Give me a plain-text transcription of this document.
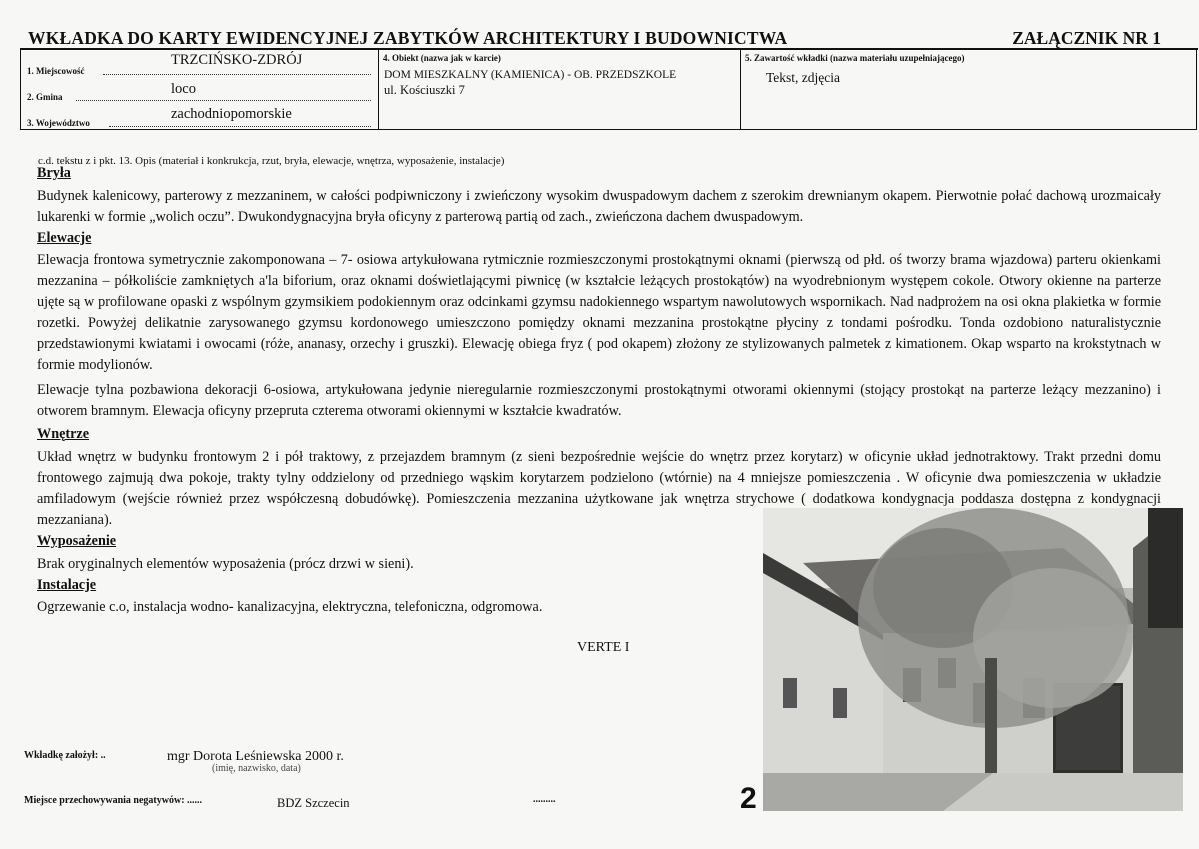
WKŁADKA DO KARTY EWIDENCYJNEJ ZABYTKÓW ARCHITEKTURY I BUDOWNICTWA	ZAŁĄCZNIK NR 1
1. Miejscowość
TRZCIŃSKO-ZDRÓJ
2. Gmina	loco
3. Województwo
zachodniopomorskie
4. Obiekt (nazwa jak w karcie)
DOM MIESZKALNY (KAMIENICA) - OB. PRZEDSZKOLE
ul. Kościuszki 7
5. Zawartość wkładki (nazwa materiału uzupełniającego)
Tekst, zdjęcia
c.d. tekstu z i pkt. 13. Opis (materiał i konkrukcja, rzut, bryła, elewacje, wnętrza, wyposażenie, instalacje)
Bryła
Budynek kalenicowy, parterowy z mezzaninem, w całości podpiwniczony i zwieńczony wysokim dwuspadowym dachem z szerokim drewnianym okapem. Pierwotnie połać dachową urozmaicały lukarenki w formie „wolich oczu”. Dwukondygnacyjna bryła oficyny z parterową partią od zach., zwieńczona dachem dwuspadowym.
Elewacje
Elewacja frontowa symetrycznie zakomponowana – 7- osiowa artykułowana rytmicznie rozmieszczonymi prostokątnymi oknami (pierwszą od płd. oś tworzy brama wjazdowa) parteru okienkami mezzanina – półkoliście zamkniętych a'la biforium, oraz oknami doświetlającymi piwnicę (w kształcie leżących prostokątów) na wyodrebnionym występem cokole. Otwory okienne na parterze ujęte są w profilowane opaski z wspólnym gzymsikiem podokiennym oraz odcinkami gzymsu nadokiennego wspartym nawolutowych wspornikach. Nad nadprożem na osi okna plakietka w formie rozetki. Powyżej delikatnie zarysowanego gzymsu kordonowego umieszczono pomiędzy oknami mezzanina prostokątne płyciny z tondami pośrodku. Tonda ozdobiono naturalistycznie przedstawionymi kwiatami i owocami (róże, ananasy, orzechy i gruszki). Elewację obiega fryz ( pod okapem) złożony ze stylizowanych palmetek z kimationem. Okap wsparto na krokstytnach w formie modylionów.
Elewacje tylna pozbawiona dekoracji 6-osiowa, artykułowana jedynie nieregularnie rozmieszczonymi prostokątnymi otworami okiennymi (stojący prostokąt na parterze leżący mezzanino) i otworem bramnym. Elewacja oficyny przepruta czterema otworami okiennymi w kształcie kwadratów.
Wnętrze
Układ wnętrz w budynku frontowym 2 i pół traktowy, z przejazdem bramnym (z sieni bezpośrednie wejście do wnętrz przez korytarz) w oficynie układ jednotraktowy. Trakt przedni domu frontowego zajmują dwa pokoje, trakty tylny oddzielony od przedniego wąskim korytarzem podzielono (wtórnie) na 4 mniejsze pomieszczenia . W oficynie dwa pomieszczenia w układzie amfiladowym (wejście również przez współczesną dobudówkę). Pomieszczenia mezzanina użytkowane jak wnętrza strychowe ( dodatkowa kondygnacja poddasza dostępna z kondygnacji mezzaniana).
Wyposażenie
Brak oryginalnych elementów wyposażenia (prócz drzwi w sieni).
Instalacje
Ogrzewanie c.o, instalacja wodno- kanalizacyjna, elektryczna, telefoniczna, odgromowa.
VERTE I
Wkładkę założył: ..	mgr Dorota Leśniewska 2000 r.
(imię, nazwisko, data)
Miejsce przechowywania negatywów: ......	BDZ Szczecin	.........	2
